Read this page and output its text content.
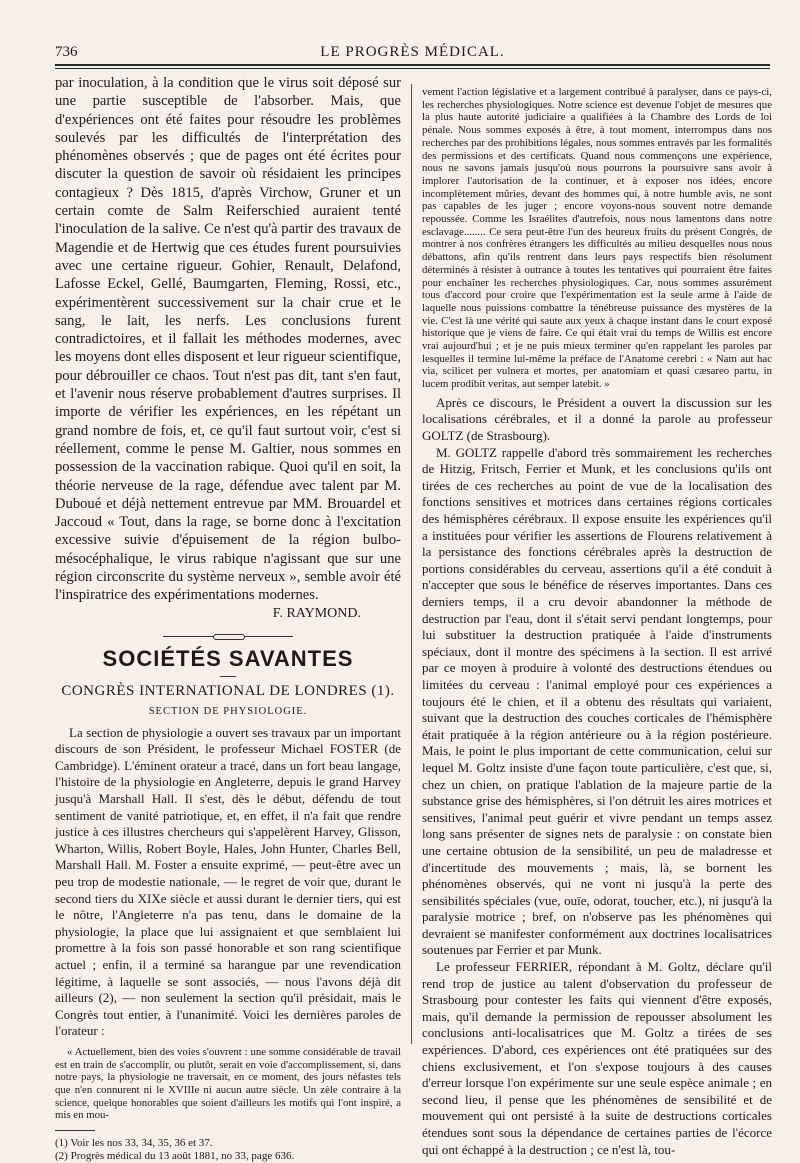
736	LE PROGRÈS MÉDICAL.

par inoculation, à la condition que le virus soit déposé sur une partie susceptible de l'absorber. Mais, que d'expériences ont été faites pour résoudre les problèmes soulevés par les difficultés de l'interprétation des phénomènes observés ; que de pages ont été écrites pour discuter la question de savoir où résidaient les principes contagieux ? Dès 1815, d'après Virchow, Gruner et un certain comte de Salm Reiferschied auraient tenté l'inoculation de la salive. Ce n'est qu'à partir des travaux de Magendie et de Hertwig que ces études furent poursuivies avec une certaine rigueur. Gohier, Renault, Delafond, Lafosse Eckel, Gellé, Baumgarten, Fleming, Rossi, etc., expérimentèrent successivement sur la chair crue et le sang, le lait, les nerfs. Les conclusions furent contradictoires, et il fallait les méthodes modernes, avec les moyens dont elles disposent et leur rigueur scientifique, pour débrouiller ce chaos. Tout n'est pas dit, tant s'en faut, et l'avenir nous réserve probablement d'autres surprises. Il importe de vérifier les expériences, en les répétant un grand nombre de fois, et, ce qu'il faut surtout voir, c'est si réellement, comme le pense M. Galtier, nous sommes en possession de la vaccination rabique. Quoi qu'il en soit, la théorie nerveuse de la rage, défendue avec talent par M. Duboué et déjà nettement entrevue par MM. Brouardel et Jaccoud « Tout, dans la rage, se borne donc à l'excitation excessive suivie d'épuisement de la région bulbo-mésocéphalique, le virus rabique n'agissant que sur une région circonscrite du système nerveux », semble avoir été l'inspiratrice des expérimentations modernes.

F. RAYMOND.
SOCIÉTÉS SAVANTES
CONGRÈS INTERNATIONAL DE LONDRES (1).
SECTION DE PHYSIOLOGIE.

La section de physiologie a ouvert ses travaux par un important discours de son Président, le professeur Michael FOSTER (de Cambridge). L'éminent orateur a tracé, dans un fort beau langage, l'histoire de la physiologie en Angleterre, depuis le grand Harvey jusqu'à Marshall Hall. Il s'est, dès le début, défendu de tout sentiment de vanité patriotique, et, en effet, il n'a fait que rendre justice à ces illustres chercheurs qui s'appelèrent Harvey, Glisson, Wharton, Willis, Robert Boyle, Hales, John Hunter, Charles Bell, Marshall Hall. M. Foster a ensuite exprimé, — peut-être avec un peu trop de modestie nationale, — le regret de voir que, durant le second tiers du XIXe siècle et aussi durant le dernier tiers, qui est le nôtre, l'Angleterre n'a pas tenu, dans le domaine de la physiologie, la place que lui assignaient et que semblaient lui promettre à la fois son passé honorable et son rang scientifique actuel ; enfin, il a terminé sa harangue par une revendication légitime, à laquelle se sont associés, — nous l'avons déjà dit ailleurs (2), — non seulement la section qu'il présidait, mais le Congrès tout entier, à l'unanimité. Voici les dernières paroles de l'orateur :

« Actuellement, bien des voies s'ouvrent : une somme considérable de travail est en train de s'accomplir, ou plutôt, serait en voie d'accomplissement, si, dans notre pays, la physiologie ne traversait, en ce moment, des jours néfastes tels que n'en connurent ni le XVIIIe ni aucun autre siècle. Un zèle contraire à la science, quelque honorables que soient d'ailleurs les motifs qui l'ont inspiré, a mis en mou-

(1) Voir les nos 33, 34, 35, 36 et 37.
(2) Progrès médical du 13 août 1881, no 33, page 636.

vement l'action législative et a largement contribué à paralyser, dans ce pays-ci, les recherches physiologiques. Notre science est devenue l'objet de mesures que la plus haute autorité judiciaire a qualifiées à la Chambre des Lords de loi pénale. Nous sommes exposés à être, à tout moment, interrompus dans nos recherches par des prohibitions légales, nous sommes entravés par les formalités des permissions et des certificats. Quand nous commençons une expérience, nous ne savons jamais jusqu'où nous pourrons la poursuivre sans avoir à implorer l'autorisation de la continuer, et à exposer nos idées, encore incomplètement mûries, devant des hommes qui, à notre humble avis, ne sont pas capables de les juger ; encore voyons-nous souvent notre demande repoussée. Comme les Israélites d'autrefois, nous nous lamentons dans notre esclavage........ Ce sera peut-être l'un des heureux fruits du présent Congrès, de montrer à nos confrères étrangers les difficultés au milieu desquelles nous nous débattons, afin qu'ils rentrent dans leurs pays respectifs bien résolument déterminés à résister à outrance à toutes les tentatives qui pourraient être faites pour enchaîner les recherches physiologiques. Car, nous sommes assurément tous d'accord pour croire que l'expérimentation est la seule arme à l'aide de laquelle nous puissions combattre la ténébreuse puissance des mystères de la vie. C'est là une vérité qui saute aux yeux à chaque instant dans le court exposé historique que je viens de faire. Ce qui était vrai du temps de Willis est encore vrai aujourd'hui ; et je ne puis mieux terminer qu'en rappelant les paroles par lesquelles il termine lui-même la préface de l'Anatome cerebri : « Nam aut hac via, scilicet per vulnera et mortes, per anatomiam et quasi cæsareo partu, in lucem prodibit veritas, aut semper latebit. »

Après ce discours, le Président a ouvert la discussion sur les localisations cérébrales, et il a donné la parole au professeur GOLTZ (de Strasbourg).

M. GOLTZ rappelle d'abord très sommairement les recherches de Hitzig, Fritsch, Ferrier et Munk, et les conclusions qu'ils ont tirées de ces recherches au point de vue de la localisation des fonctions sensitives et motrices dans certaines régions corticales des hémisphères cérébraux. Il expose ensuite les expériences qu'il a instituées pour vérifier les assertions de Flourens relativement à la persistance des fonctions cérébrales après la destruction de portions considérables du cerveau, assertions qu'il a été conduit à n'accepter que sous le bénéfice de réserves importantes. Dans ces derniers temps, il a cru devoir abandonner la méthode de destruction par l'eau, dont il s'était servi pendant longtemps, pour lui substituer la destruction pratiquée à l'aide d'instruments spéciaux, dont il montre des spécimens à la section. Il est arrivé par ce moyen à produire à volonté des destructions étendues ou limitées du cerveau : l'animal employé pour ces expériences a toujours été le chien, et il a obtenu des résultats qui variaient, suivant que la destruction des couches corticales de l'hémisphère était pratiquée à la région antérieure ou à la région postérieure. Mais, le point le plus important de cette communication, celui sur lequel M. Goltz insiste d'une façon toute particulière, c'est que, si, chez un chien, on pratique l'ablation de la majeure partie de la substance grise des hémisphères, si l'on détruit les aires motrices et sensitives, l'animal peut guérir et vivre pendant un temps assez long sans présenter de signes nets de paralysie : on constate bien une certaine obtusion de la sensibilité, un peu de maladresse et d'incertitude des mouvements ; mais, là, se bornent les phénomènes observés, qui ne vont ni jusqu'à la perte des sensibilités spéciales (vue, ouïe, odorat, toucher, etc.), ni jusqu'à la paralysie motrice ; bref, on n'observe pas les phénomènes qui devraient se manifester conformément aux doctrines localisatrices soutenues par Ferrier et par Munk.

Le professeur FERRIER, répondant à M. Goltz, déclare qu'il rend trop de justice au talent d'observation du professeur de Strasbourg pour contester les faits qui viennent d'être exposés, mais, qu'il demande la permission de repousser absolument les conclusions anti-localisatrices que M. Goltz a tirées de ses expériences. D'abord, ces expériences ont été pratiquées sur des chiens exclusivement, et l'on s'expose toujours à des causes d'erreur lorsque l'on expérimente sur une seule espèce animale ; en second lieu, il pense que les phénomènes de sensibilité et de mouvement qui ont persisté à la suite de destructions corticales étendues sont sous la dépendance de certaines parties de l'écorce qui ont échappé à la destruction ; ce n'est là, tou-
